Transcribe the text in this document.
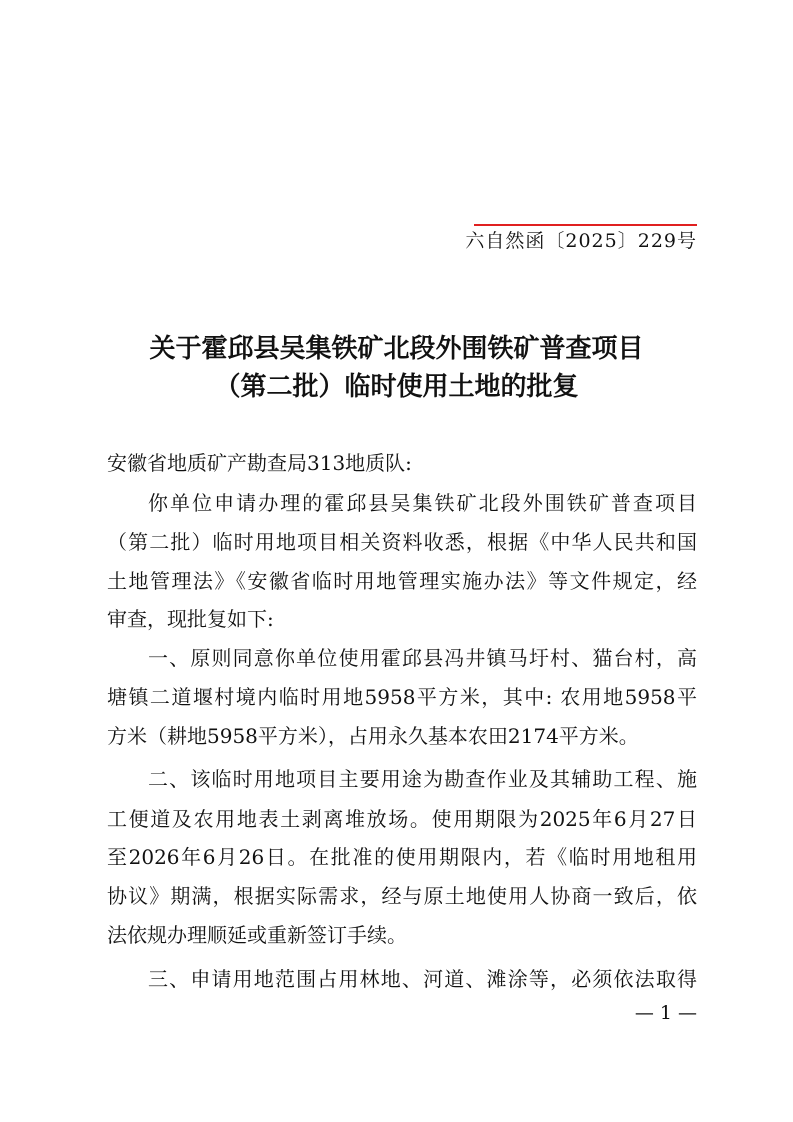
六自然函〔2025〕229号
关于霍邱县吴集铁矿北段外围铁矿普查项目
（第二批）临时使用土地的批复
安徽省地质矿产勘查局313地质队:
你单位申请办理的霍邱县吴集铁矿北段外围铁矿普查项目
（第二批）临时用地项目相关资料收悉，根据《中华人民共和国
土地管理法》《安徽省临时用地管理实施办法》等文件规定，经
审查，现批复如下:
一、原则同意你单位使用霍邱县冯井镇马圩村、猫台村，高
塘镇二道堰村境内临时用地5958平方米，其中: 农用地5958平
方米（耕地5958平方米），占用永久基本农田2174平方米。
二、该临时用地项目主要用途为勘查作业及其辅助工程、施
工便道及农用地表土剥离堆放场。使用期限为2025年6月27日
至2026年6月26日。在批准的使用期限内，若《临时用地租用
协议》期满，根据实际需求，经与原土地使用人协商一致后，依
法依规办理顺延或重新签订手续。
三、申请用地范围占用林地、河道、滩涂等，必须依法取得
— 1 —
